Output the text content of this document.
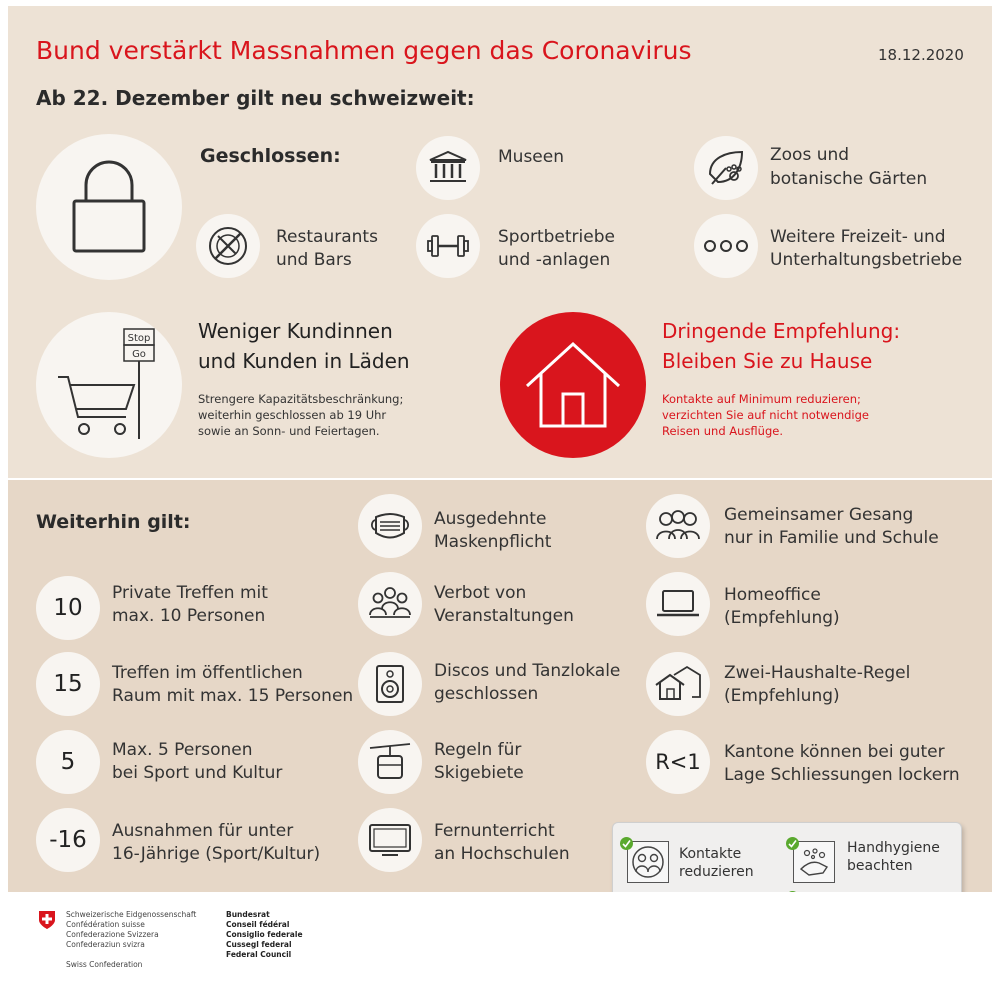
Bund verstärkt Massnahmen gegen das Coronavirus	18.12.2020
Ab 22. Dezember gilt neu schweizweit:
Geschlossen:	Museen	Zoos und
botanische Gärten
Restaurants
und Bars
Sportbetriebe
und -anlagen
Weitere Freizeit- und
Unterhaltungsbetriebe
Stop
Go
Weniger Kundinnen
und Kunden in Läden
Strengere Kapazitätsbeschränkung;
weiterhin geschlossen ab 19 Uhr
sowie an Sonn- und Feiertagen.
Dringende Empfehlung:
Bleiben Sie zu Hause
Kontakte auf Minimum reduzieren;
verzichten Sie auf nicht notwendige
Reisen und Ausflüge.
Weiterhin gilt:
10
Private Treffen mit
max. 10 Personen
15 Treffen im öffentlichen
Raum mit max. 15 Personen
5 Max. 5 Personen
bei Sport und Kultur
-16 Ausnahmen für unter
16-Jährige (Sport/Kultur)
Ausgedehnte
Maskenpflicht
Verbot von
Veranstaltungen
Discos und Tanzlokale
geschlossen
Regeln für
Skigebiete
Fernunterricht
an Hochschulen
Gemeinsamer Gesang
nur in Familie und Schule
Homeoffice
(Empfehlung)
Zwei-Haushalte-Regel
(Empfehlung)
R<1 Kantone können bei guter
Lage Schliessungen lockern
Kontakte
reduzieren
Handhygiene
beachten
Schweizerische Eidgenossenschaft
Confédération suisse
Confederazione Svizzera
Confederaziun svizra
Swiss Confederation
Bundesrat
Conseil fédéral
Consiglio federale
Cussegl federal
Federal Council
